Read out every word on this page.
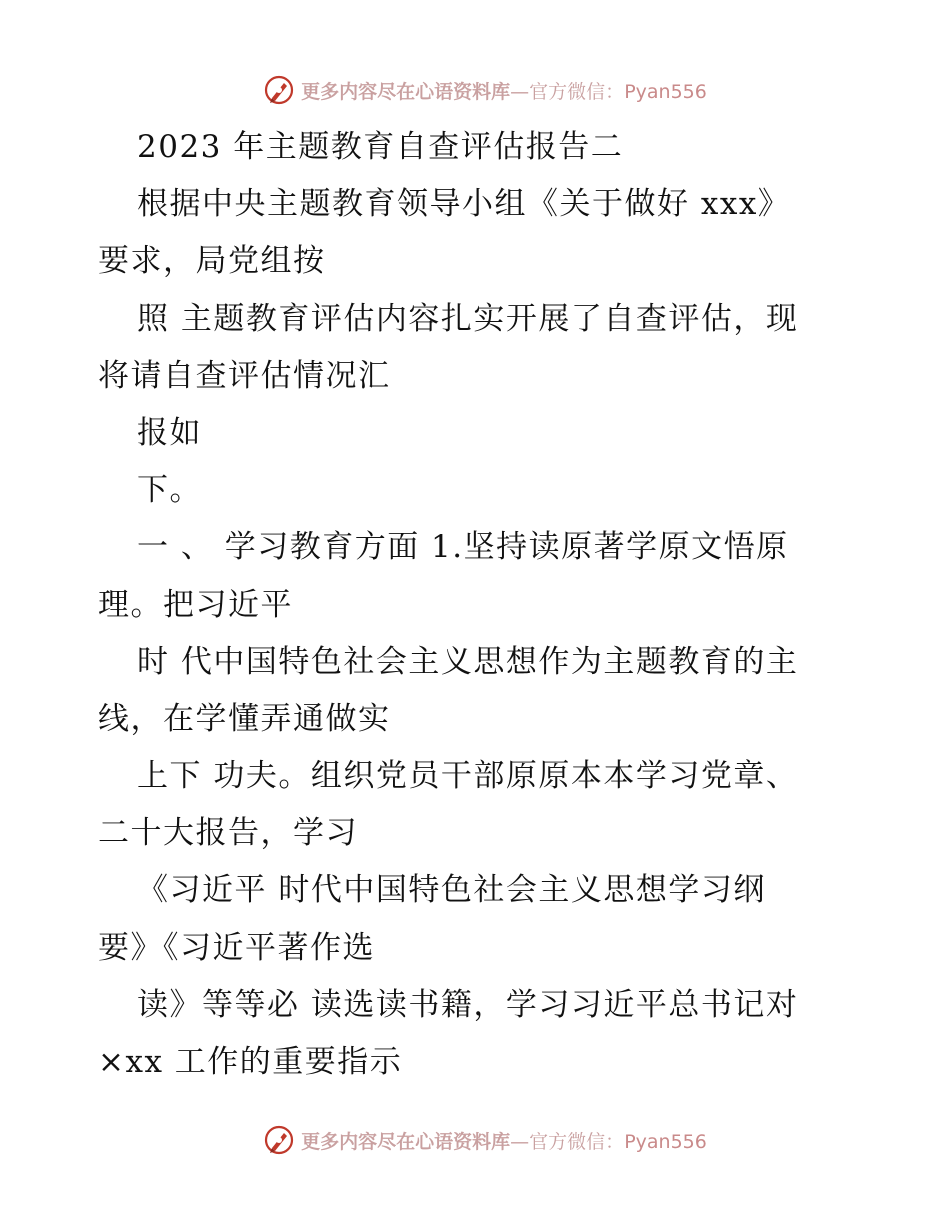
更多内容尽在心语资料库—官方微信：Pyan556
2023 年主题教育自查评估报告二
根据中央主题教育领导小组《关于做好 xxx》
要求，局党组按
照 主题教育评估内容扎实开展了自查评估，现
将请自查评估情况汇
报如
下。
一 、 学习教育方面 1.坚持读原著学原文悟原
理。把习近平
时 代中国特色社会主义思想作为主题教育的主
线，在学懂弄通做实
上下 功夫。组织党员干部原原本本学习党章、
二十大报告，学习
《习近平 时代中国特色社会主义思想学习纲
要》《习近平著作选
读》等等必 读选读书籍，学习习近平总书记对
×xx 工作的重要指示
更多内容尽在心语资料库—官方微信：Pyan556
